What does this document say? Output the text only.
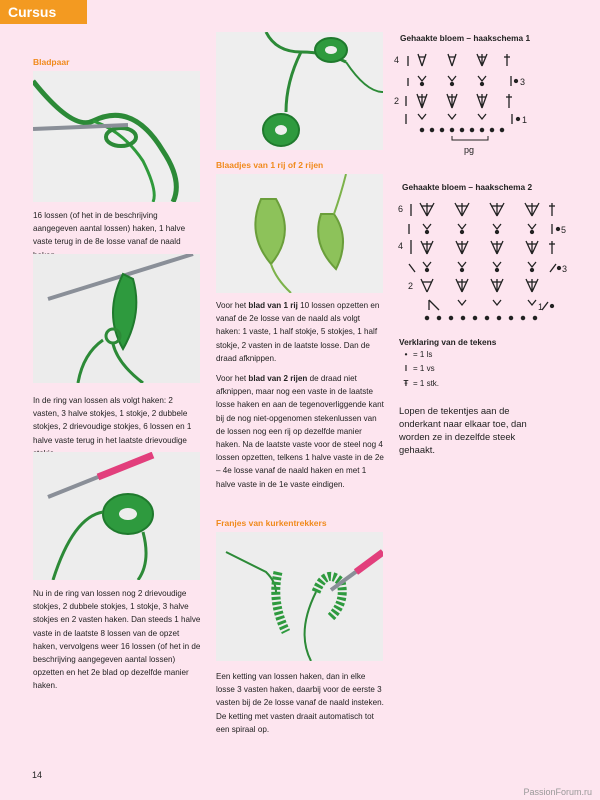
Cursus

Bladpaar

16 lossen (of het in de beschrijving aangegeven aantal lossen) haken, 1 halve vaste terug in de 8e losse vanaf de naald

In de ring van lossen als volgt haken: 2 vasten, 3 halve stokjes, 1 stokje, 2 dubbele stokjes, 2 drievoudige stokjes, 6 lossen en 1 halve vaste terug in het laatste drievoudige

Nu in de ring van lossen nog 2 drievoudige stokjes, 2 dubbele stokjes, 1 stokje, 3 halve stokjes en 2 vasten haken. Dan steeds 1 halve vaste in de laatste 8 lossen van de opzet haken, vervolgens weer 16 lossen (of het in de beschrijving aangegeven aantal lossen) opzetten en het 2e blad op dezelfde manier haken.

Blaadjes van 1 rij of 2 rijen

Voor het blad van 1 rij 10 lossen opzetten en vanaf de 2e losse van de naald als volgt haken: 1 vaste, 1 half stokje, 5 stokjes, 1 half stokje, 2 vasten in de laatste losse. Dan de draad afknippen.

Voor het blad van 2 rijen de draad niet afknippen, maar nog een vaste in de laatste losse haken en aan de tegenoverliggende kant bij de nog niet-opgenomen stekenlussen van de lossen nog een rij op dezelfde manier haken. Na de laatste vaste voor de steel nog 4 lossen opzetten, telkens 1 halve vaste in de 2e – 4e losse vanaf de naald haken en met 1 halve vaste in de 1e vaste eindigen.

Franjes van kurkentrekkers

Een ketting van lossen haken, dan in elke losse 3 vasten haken, daarbij voor de eerste 3 vasten bij de 2e losse vanaf de naald insteken. De ketting met vasten draait automatisch tot een spiraal op.

Gehaakte bloem – haakschema 1

4
3
2
1
pg

Gehaakte bloem – haakschema 2

6
5
4
3
2
1

Verklaring van de tekens

• = 1 ls
I = 1 vs
Ŧ = 1 stk.

Lopen de tekentjes aan de onderkant naar elkaar toe, dan worden ze in dezelfde steek gehaakt.

14
PassionForum.ru
